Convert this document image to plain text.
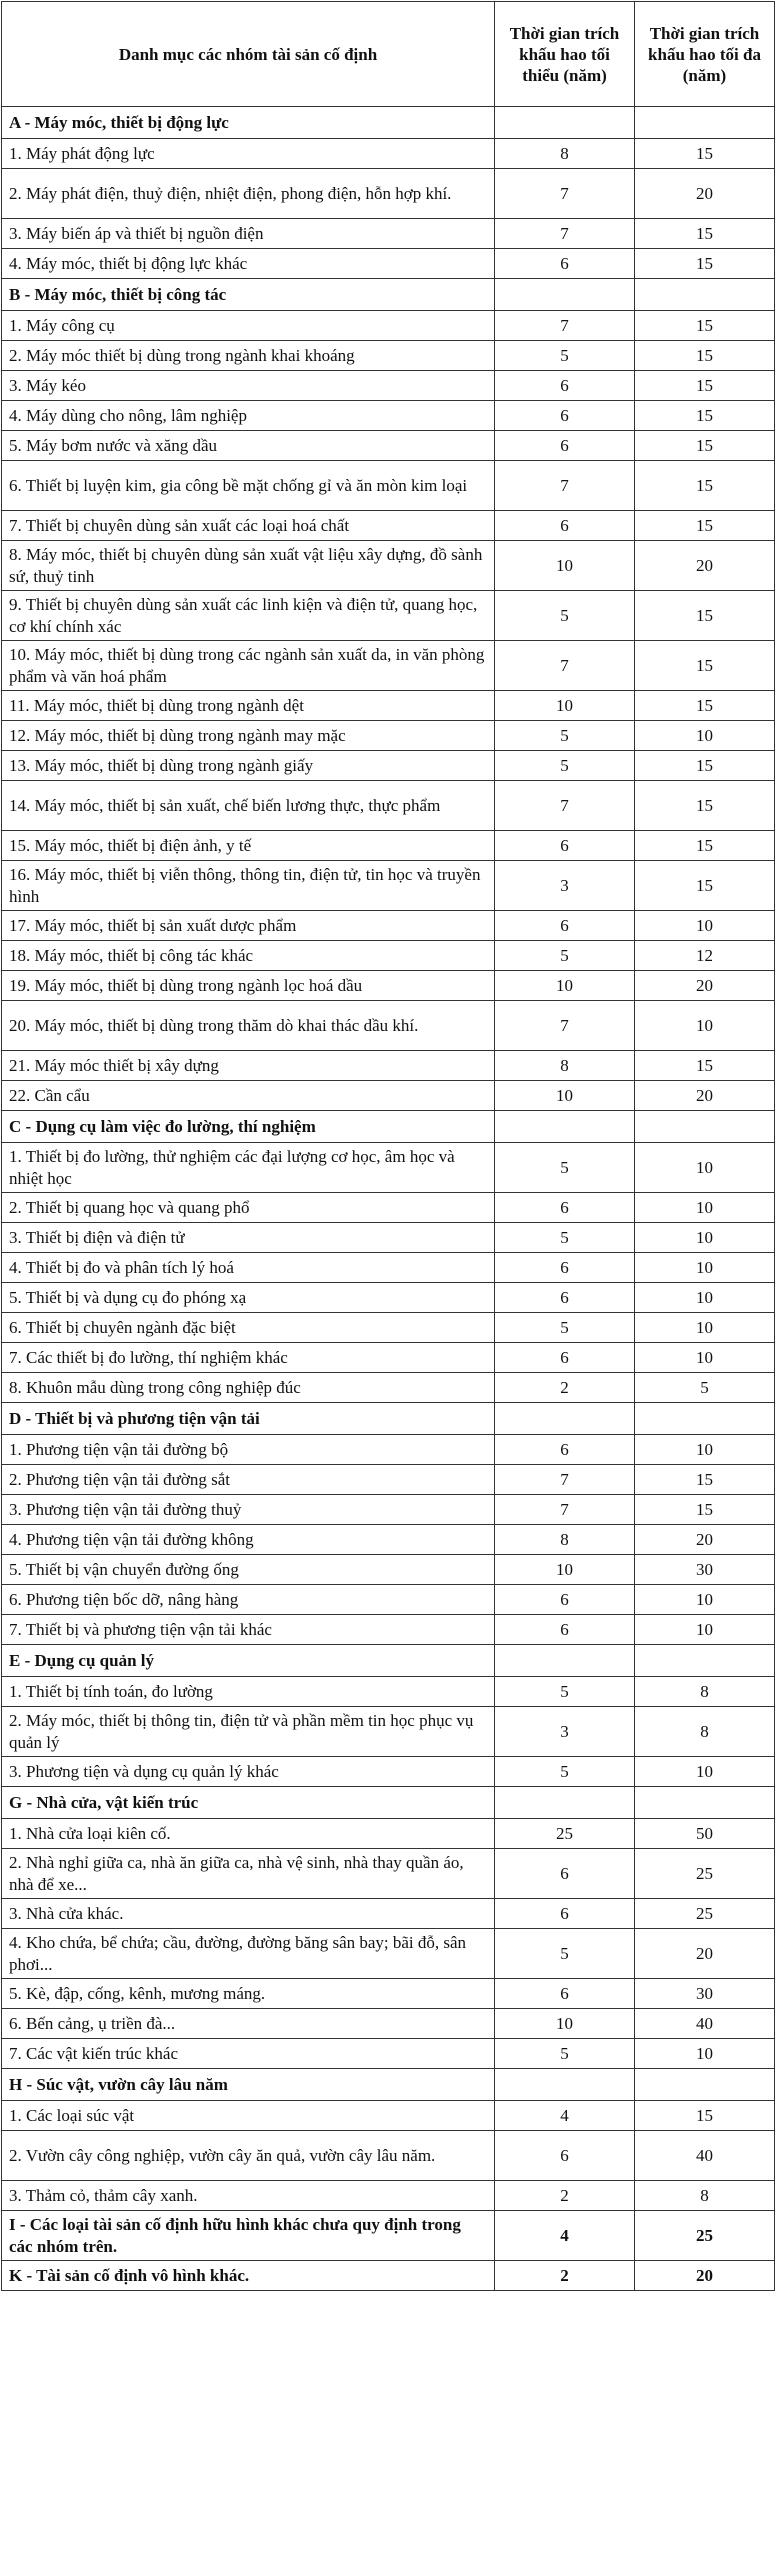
Danh mục các nhóm tài sản cố định	Thời gian trích khấu hao tối thiểu (năm)	Thời gian trích khấu hao tối đa (năm)
A - Máy móc, thiết bị động lực		
1. Máy phát động lực	8	15
2. Máy phát điện, thuỷ điện, nhiệt điện, phong điện, hỗn hợp khí.	7	20
3. Máy biến áp và thiết bị nguồn điện	7	15
4. Máy móc, thiết bị động lực khác	6	15
B - Máy móc, thiết bị công tác		
1. Máy công cụ	7	15
2. Máy móc thiết bị dùng trong ngành khai khoáng	5	15
3. Máy kéo	6	15
4. Máy dùng cho nông, lâm nghiệp	6	15
5. Máy bơm nước và xăng dầu	6	15
6. Thiết bị luyện kim, gia công bề mặt chống gỉ và ăn mòn kim loại	7	15
7. Thiết bị chuyên dùng sản xuất các loại hoá chất	6	15
8. Máy móc, thiết bị chuyên dùng sản xuất vật liệu xây dựng, đồ sành sứ, thuỷ tinh	10	20
9. Thiết bị chuyên dùng sản xuất các linh kiện và điện tử, quang học, cơ khí chính xác	5	15
10. Máy móc, thiết bị dùng trong các ngành sản xuất da, in văn phòng phẩm và văn hoá phẩm	7	15
11. Máy móc, thiết bị dùng trong ngành dệt	10	15
12. Máy móc, thiết bị dùng trong ngành may mặc	5	10
13. Máy móc, thiết bị dùng trong ngành giấy	5	15
14. Máy móc, thiết bị sản xuất, chế biến lương thực, thực phẩm	7	15
15. Máy móc, thiết bị điện ảnh, y tế	6	15
16. Máy móc, thiết bị viễn thông, thông tin, điện tử, tin học và truyền hình	3	15
17. Máy móc, thiết bị sản xuất dược phẩm	6	10
18. Máy móc, thiết bị công tác khác	5	12
19. Máy móc, thiết bị dùng trong ngành lọc hoá dầu	10	20
20. Máy móc, thiết bị dùng trong thăm dò khai thác dầu khí.	7	10
21. Máy móc thiết bị xây dựng	8	15
22. Cần cẩu	10	20
C - Dụng cụ làm việc đo lường, thí nghiệm		
1. Thiết bị đo lường, thử nghiệm các đại lượng cơ học, âm học và nhiệt học	5	10
2. Thiết bị quang học và quang phổ	6	10
3. Thiết bị điện và điện tử	5	10
4. Thiết bị đo và phân tích lý hoá	6	10
5. Thiết bị và dụng cụ đo phóng xạ	6	10
6. Thiết bị chuyên ngành đặc biệt	5	10
7. Các thiết bị đo lường, thí nghiệm khác	6	10
8. Khuôn mẫu dùng trong công nghiệp đúc	2	5
D - Thiết bị và phương tiện vận tải		
1. Phương tiện vận tải đường bộ	6	10
2. Phương tiện vận tải đường sắt	7	15
3. Phương tiện vận tải đường thuỷ	7	15
4. Phương tiện vận tải đường không	8	20
5. Thiết bị vận chuyển đường ống	10	30
6. Phương tiện bốc dỡ, nâng hàng	6	10
7. Thiết bị và phương tiện vận tải khác	6	10
E - Dụng cụ quản lý		
1. Thiết bị tính toán, đo lường	5	8
2. Máy móc, thiết bị thông tin, điện tử và phần mềm tin học phục vụ quản lý	3	8
3. Phương tiện và dụng cụ quản lý khác	5	10
G - Nhà cửa, vật kiến trúc		
1. Nhà cửa loại kiên cố.	25	50
2. Nhà nghỉ giữa ca, nhà ăn giữa ca, nhà vệ sinh, nhà thay quần áo, nhà để xe...	6	25
3. Nhà cửa khác.	6	25
4. Kho chứa, bể chứa; cầu, đường, đường băng sân bay; bãi đỗ, sân phơi...	5	20
5. Kè, đập, cống, kênh, mương máng.	6	30
6. Bến cảng, ụ triền đà...	10	40
7. Các vật kiến trúc khác	5	10
H - Súc vật, vườn cây lâu năm		
1. Các loại súc vật	4	15
2. Vườn cây công nghiệp, vườn cây ăn quả, vườn cây lâu năm.	6	40
3. Thảm cỏ, thảm cây xanh.	2	8
I - Các loại tài sản cố định hữu hình khác chưa quy định trong các nhóm trên.	4	25
K - Tài sản cố định vô hình khác.	2	20
